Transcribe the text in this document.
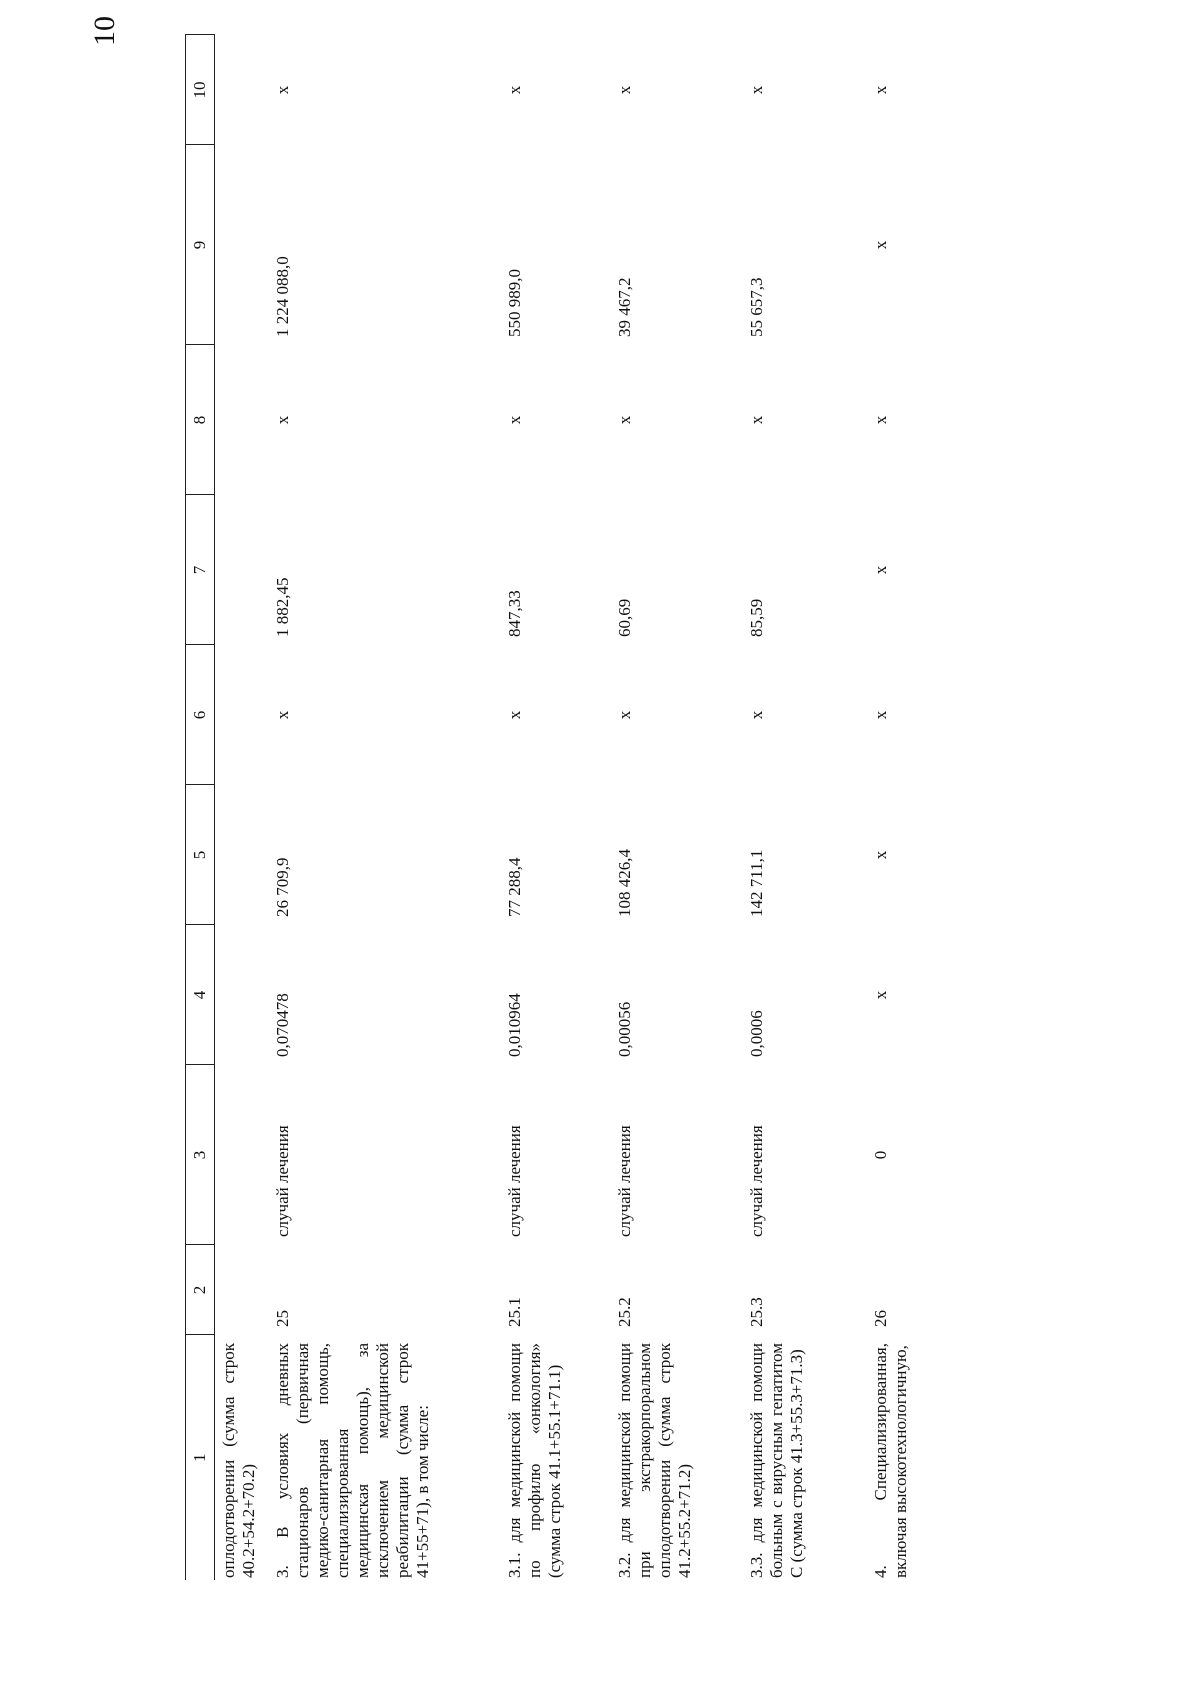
10
1	2	3	4	5	6	7	8	9	10
оплодотворении (сумма строк 40.2+54.2+70.2)									
3. В условиях дневных стационаров (первичная медико-санитарная помощь, специализированная медицинская помощь), за исключением медицинской реабилитации (сумма строк 41+55+71), в том числе:	25	случай лечения	0,070478	26 709,9	х	1 882,45	х	1 224 088,0	х
3.1. для медицинской помощи по профилю «онкология» (сумма строк 41.1+55.1+71.1)	25.1	случай лечения	0,010964	77 288,4	х	847,33	х	550 989,0	х
3.2. для медицинской помощи при экстракорпоральном оплодотворении (сумма строк 41.2+55.2+71.2)	25.2	случай лечения	0,00056	108 426,4	х	60,69	х	39 467,2	х
3.3. для медицинской помощи больным с вирусным гепатитом С (сумма строк 41.3+55.3+71.3)	25.3	случай лечения	0,0006	142 711,1	х	85,59	х	55 657,3	х
4. Специализированная, включая высокотехнологичную,	26	0	х	х	х	х	х	х	х
